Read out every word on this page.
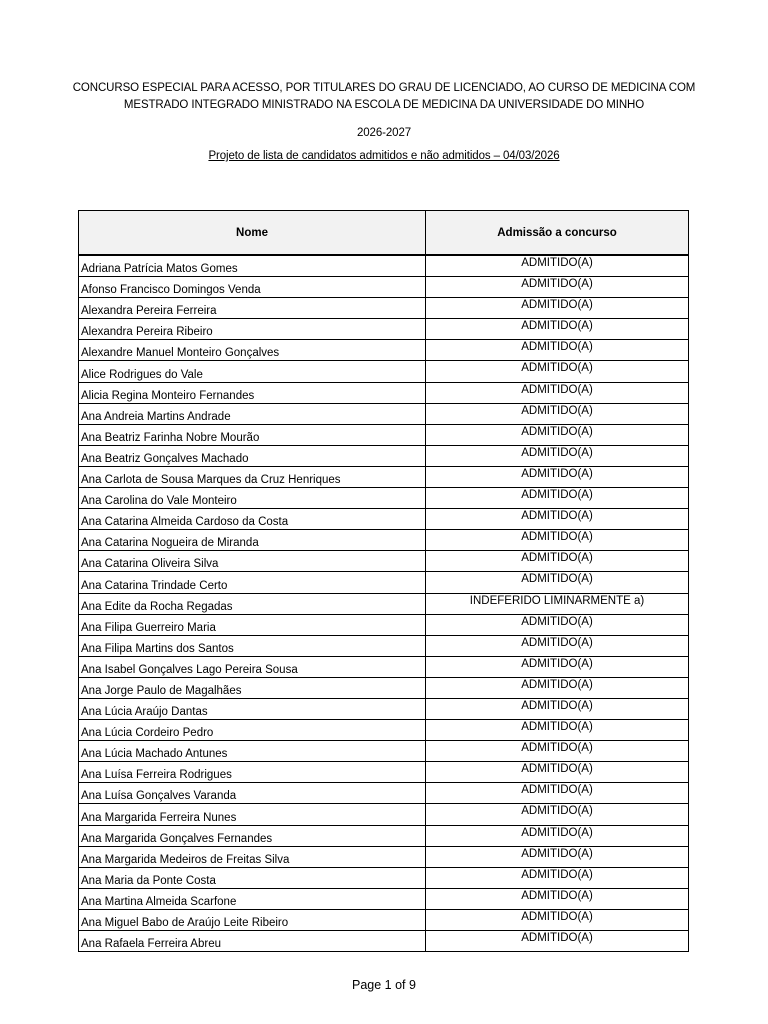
CONCURSO ESPECIAL PARA ACESSO, POR TITULARES DO GRAU DE LICENCIADO, AO CURSO DE MEDICINA COM
MESTRADO INTEGRADO MINISTRADO NA ESCOLA DE MEDICINA DA UNIVERSIDADE DO MINHO
2026-2027
Projeto de lista de candidatos admitidos e não admitidos – 04/03/2026
Nome	Admissão a concurso
Adriana Patrícia Matos Gomes	ADMITIDO(A)
Afonso Francisco Domingos Venda	ADMITIDO(A)
Alexandra Pereira Ferreira	ADMITIDO(A)
Alexandra Pereira Ribeiro	ADMITIDO(A)
Alexandre Manuel Monteiro Gonçalves	ADMITIDO(A)
Alice Rodrigues do Vale	ADMITIDO(A)
Alicia Regina Monteiro Fernandes	ADMITIDO(A)
Ana Andreia Martins Andrade	ADMITIDO(A)
Ana Beatriz Farinha Nobre Mourão	ADMITIDO(A)
Ana Beatriz Gonçalves Machado	ADMITIDO(A)
Ana Carlota de Sousa Marques da Cruz Henriques	ADMITIDO(A)
Ana Carolina do Vale Monteiro	ADMITIDO(A)
Ana Catarina Almeida Cardoso da Costa	ADMITIDO(A)
Ana Catarina Nogueira de Miranda	ADMITIDO(A)
Ana Catarina Oliveira Silva	ADMITIDO(A)
Ana Catarina Trindade Certo	ADMITIDO(A)
Ana Edite da Rocha Regadas	INDEFERIDO LIMINARMENTE a)
Ana Filipa Guerreiro Maria	ADMITIDO(A)
Ana Filipa Martins dos Santos	ADMITIDO(A)
Ana Isabel Gonçalves Lago Pereira Sousa	ADMITIDO(A)
Ana Jorge Paulo de Magalhães	ADMITIDO(A)
Ana Lúcia Araújo Dantas	ADMITIDO(A)
Ana Lúcia Cordeiro Pedro	ADMITIDO(A)
Ana Lúcia Machado Antunes	ADMITIDO(A)
Ana Luísa Ferreira Rodrigues	ADMITIDO(A)
Ana Luísa Gonçalves Varanda	ADMITIDO(A)
Ana Margarida Ferreira Nunes	ADMITIDO(A)
Ana Margarida Gonçalves Fernandes	ADMITIDO(A)
Ana Margarida Medeiros de Freitas Silva	ADMITIDO(A)
Ana Maria da Ponte Costa	ADMITIDO(A)
Ana Martina Almeida Scarfone	ADMITIDO(A)
Ana Miguel Babo de Araújo Leite Ribeiro	ADMITIDO(A)
Ana Rafaela Ferreira Abreu	ADMITIDO(A)
Page 1 of 9
